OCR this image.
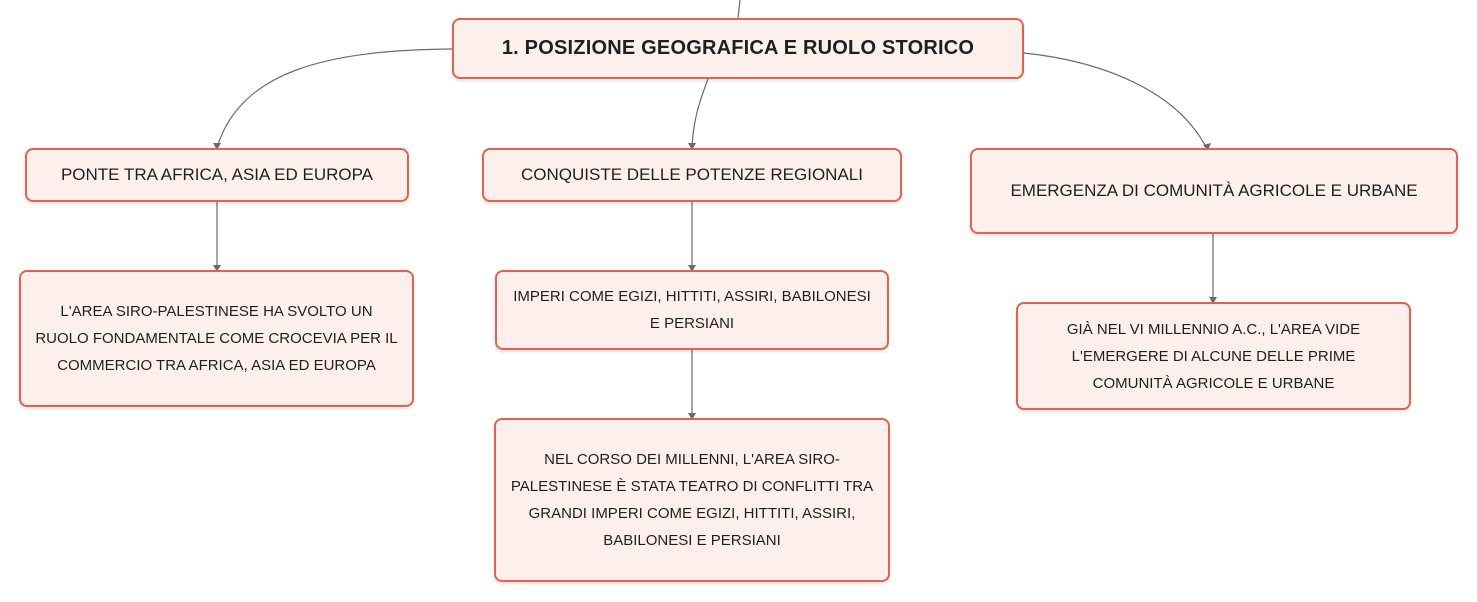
1. POSIZIONE GEOGRAFICA E RUOLO STORICO
PONTE TRA AFRICA, ASIA ED EUROPA	CONQUISTE DELLE POTENZE REGIONALI
EMERGENZA DI COMUNITÀ AGRICOLE E URBANE
L'AREA SIRO-PALESTINESE HA SVOLTO UN RUOLO FONDAMENTALE COME CROCEVIA PER IL COMMERCIO TRA AFRICA, ASIA ED EUROPA
IMPERI COME EGIZI, HITTITI, ASSIRI, BABILONESI E PERSIANI
NEL CORSO DEI MILLENNI, L'AREA SIRO-PALESTINESE È STATA TEATRO DI CONFLITTI TRA GRANDI IMPERI COME EGIZI, HITTITI, ASSIRI, BABILONESI E PERSIANI
GIÀ NEL VI MILLENNIO A.C., L'AREA VIDE L'EMERGERE DI ALCUNE DELLE PRIME COMUNITÀ AGRICOLE E URBANE
